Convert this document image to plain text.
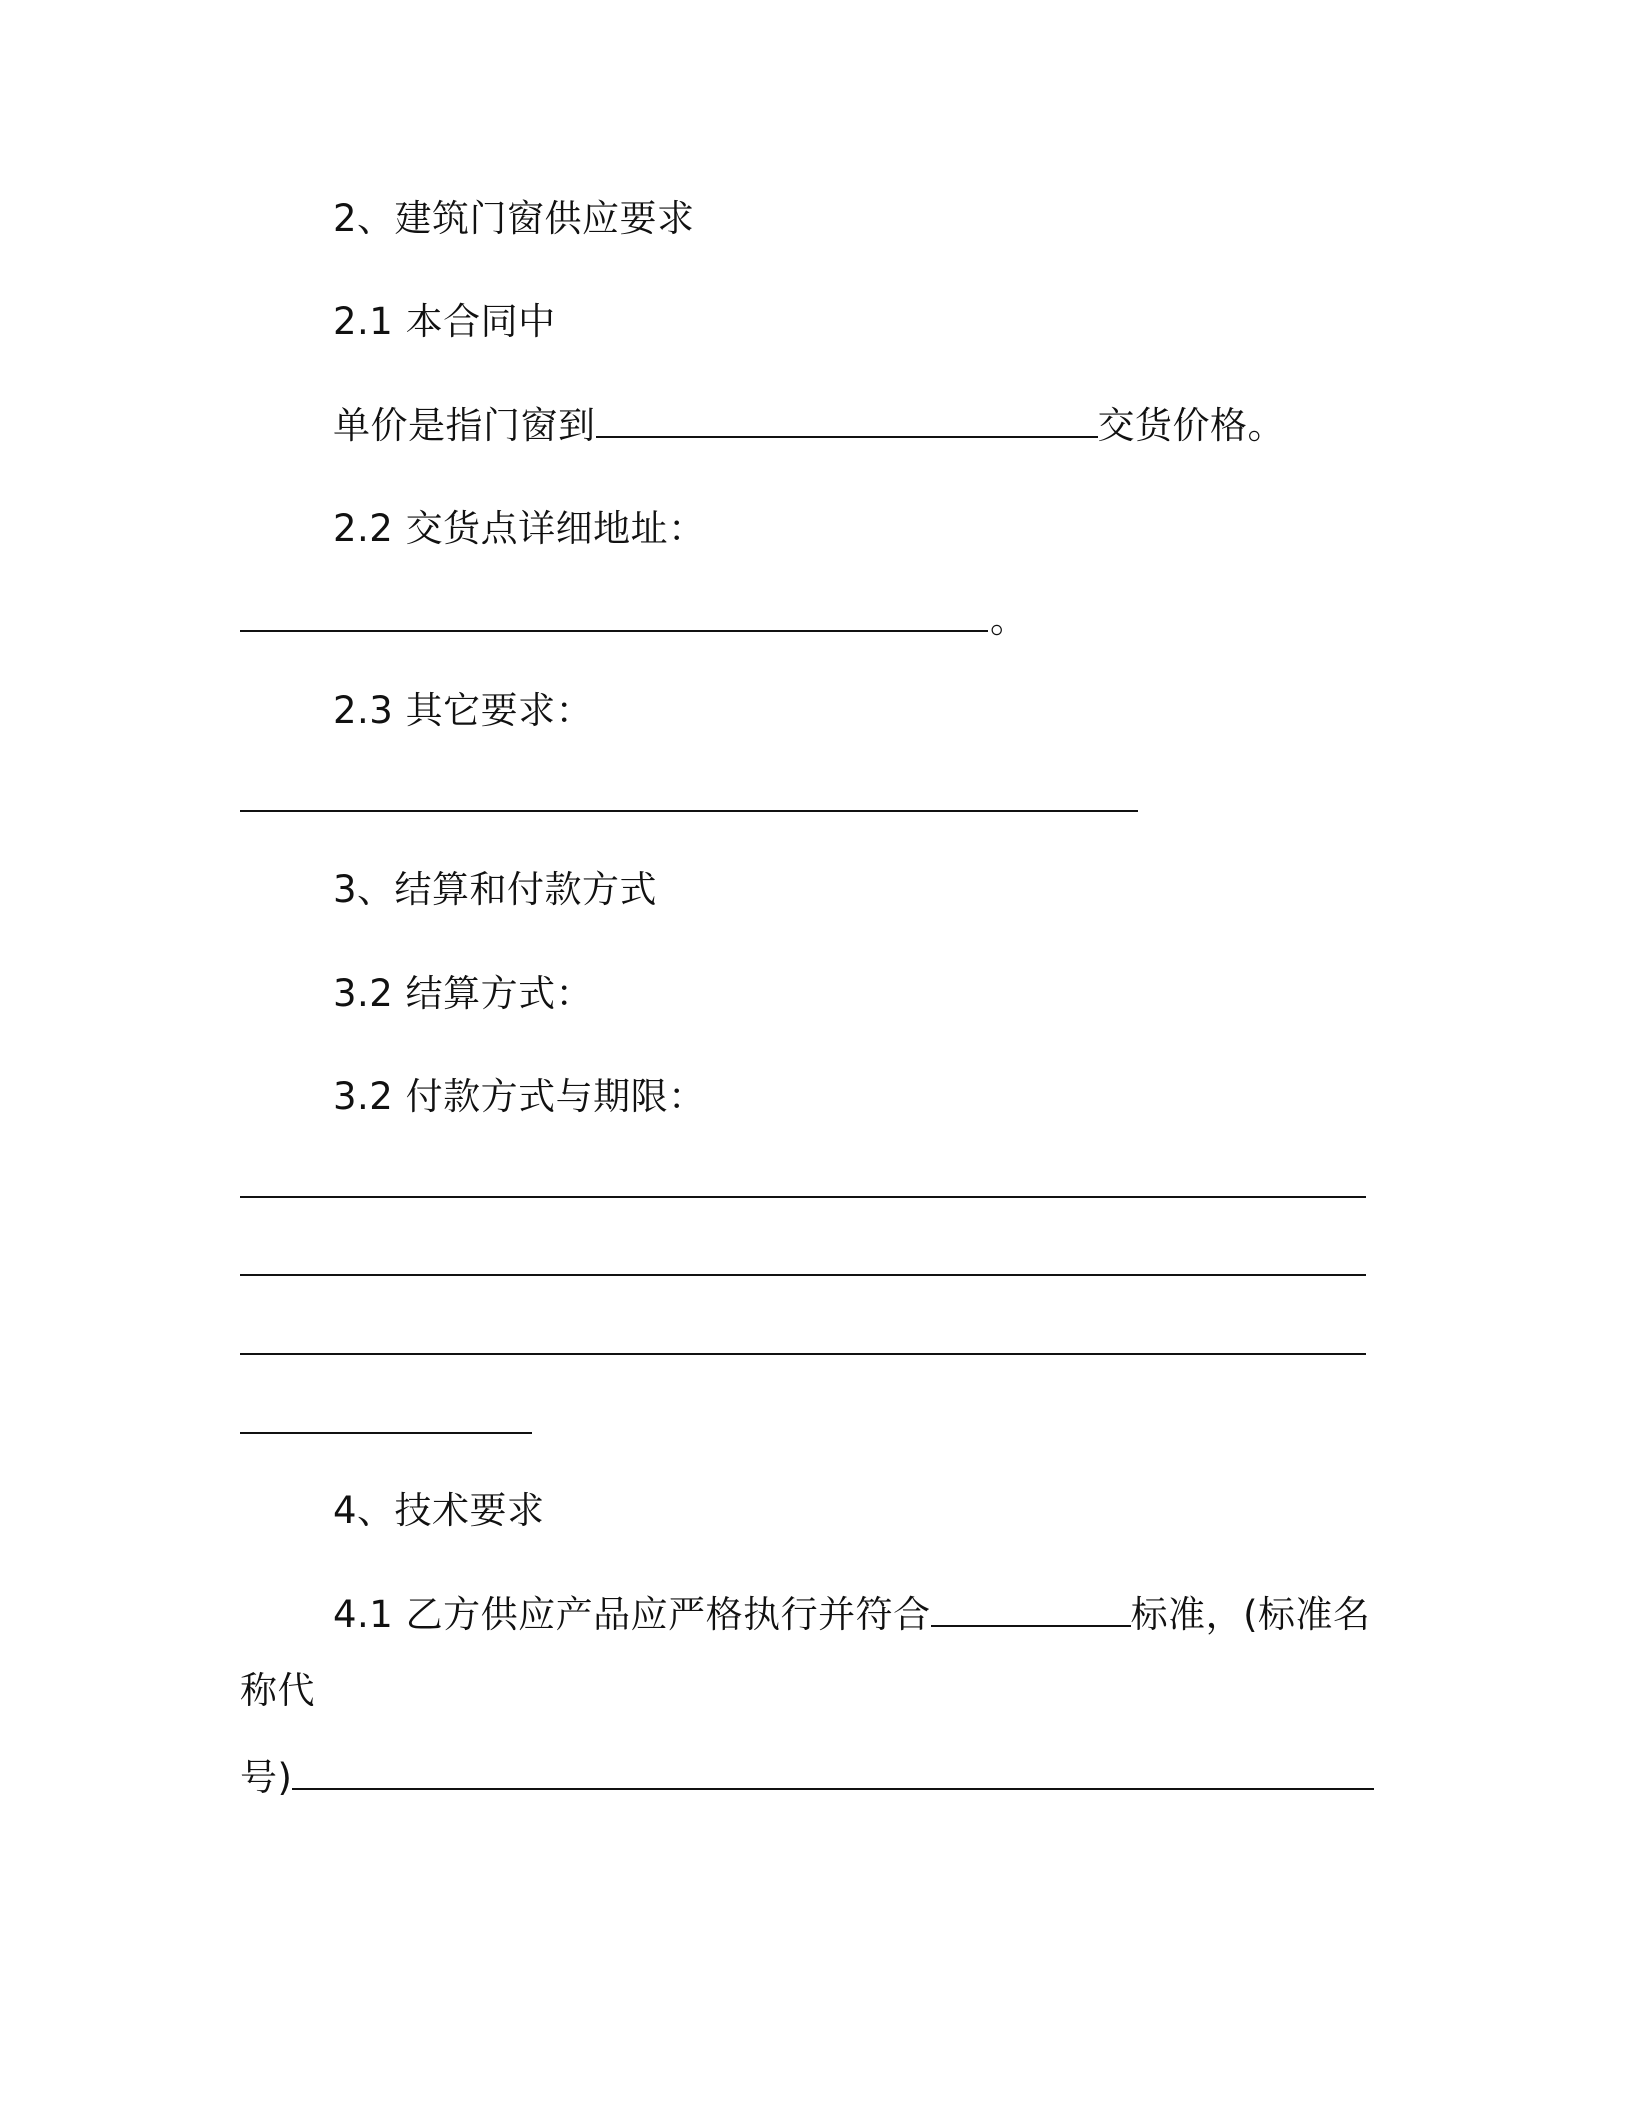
2、建筑门窗供应要求
2.1 本合同中
单价是指门窗到	交货价格。
2.2 交货点详细地址：
。
2.3 其它要求：
3、结算和付款方式
3.2 结算方式：
3.2 付款方式与期限：
4、技术要求
4.1 乙方供应产品应严格执行并符合	标准，(标准名
称代
号)
